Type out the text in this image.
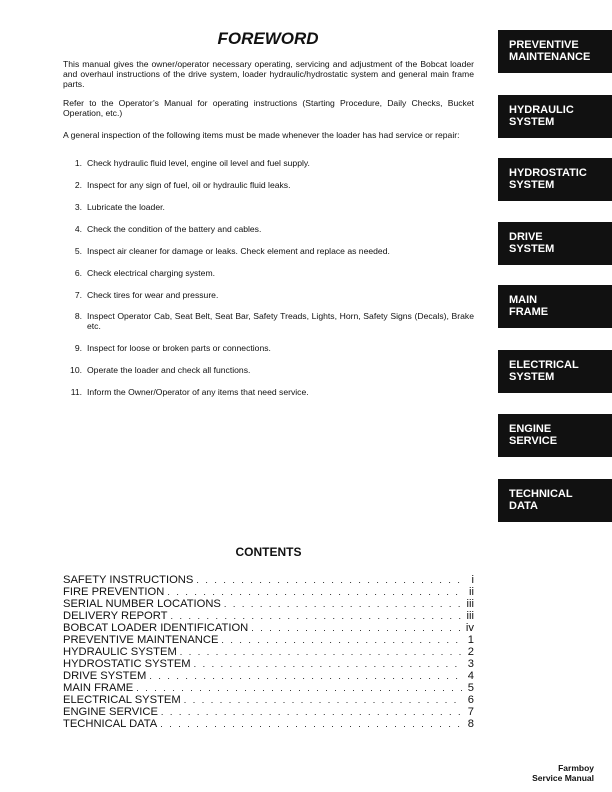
FOREWORD

This manual gives the owner/operator necessary operating, servicing and adjustment of the Bobcat loader and overhaul instructions of the drive system, loader hydraulic/hydrostatic system and general main frame parts.

Refer to the Operator’s Manual for operating instructions (Starting Procedure, Daily Checks, Bucket Operation, etc.)

A general inspection of the following items must be made whenever the loader has had service or repair:

1. Check hydraulic fluid level, engine oil level and fuel supply.
2. Inspect for any sign of fuel, oil or hydraulic fluid leaks.
3. Lubricate the loader.
4. Check the condition of the battery and cables.
5. Inspect air cleaner for damage or leaks. Check element and replace as needed.
6. Check electrical charging system.
7. Check tires for wear and pressure.
8. Inspect Operator Cab, Seat Belt, Seat Bar, Safety Treads, Lights, Horn, Safety Signs (Decals), Brake etc.
9. Inspect for loose or broken parts or connections.
10. Operate the loader and check all functions.
11. Inform the Owner/Operator of any items that need service.
PREVENTIVE
MAINTENANCE
HYDRAULIC
SYSTEM
HYDROSTATIC
SYSTEM
DRIVE
SYSTEM
MAIN
FRAME
ELECTRICAL
SYSTEM
ENGINE
SERVICE
TECHNICAL
DATA
CONTENTS
SAFETY INSTRUCTIONS . . .	i
FIRE PREVENTION . . .	ii
SERIAL NUMBER LOCATIONS . . .	iii
DELIVERY REPORT . . .	iii
BOBCAT LOADER IDENTIFICATION . . .	iv
PREVENTIVE MAINTENANCE . . .	1
HYDRAULIC SYSTEM . . .	2
HYDROSTATIC SYSTEM . . .	3
DRIVE SYSTEM . . .	4
MAIN FRAME . . .	5
ELECTRICAL SYSTEM . . .	6
ENGINE SERVICE . . .	7
TECHNICAL DATA . . .	8
Farmboy
Service Manual
